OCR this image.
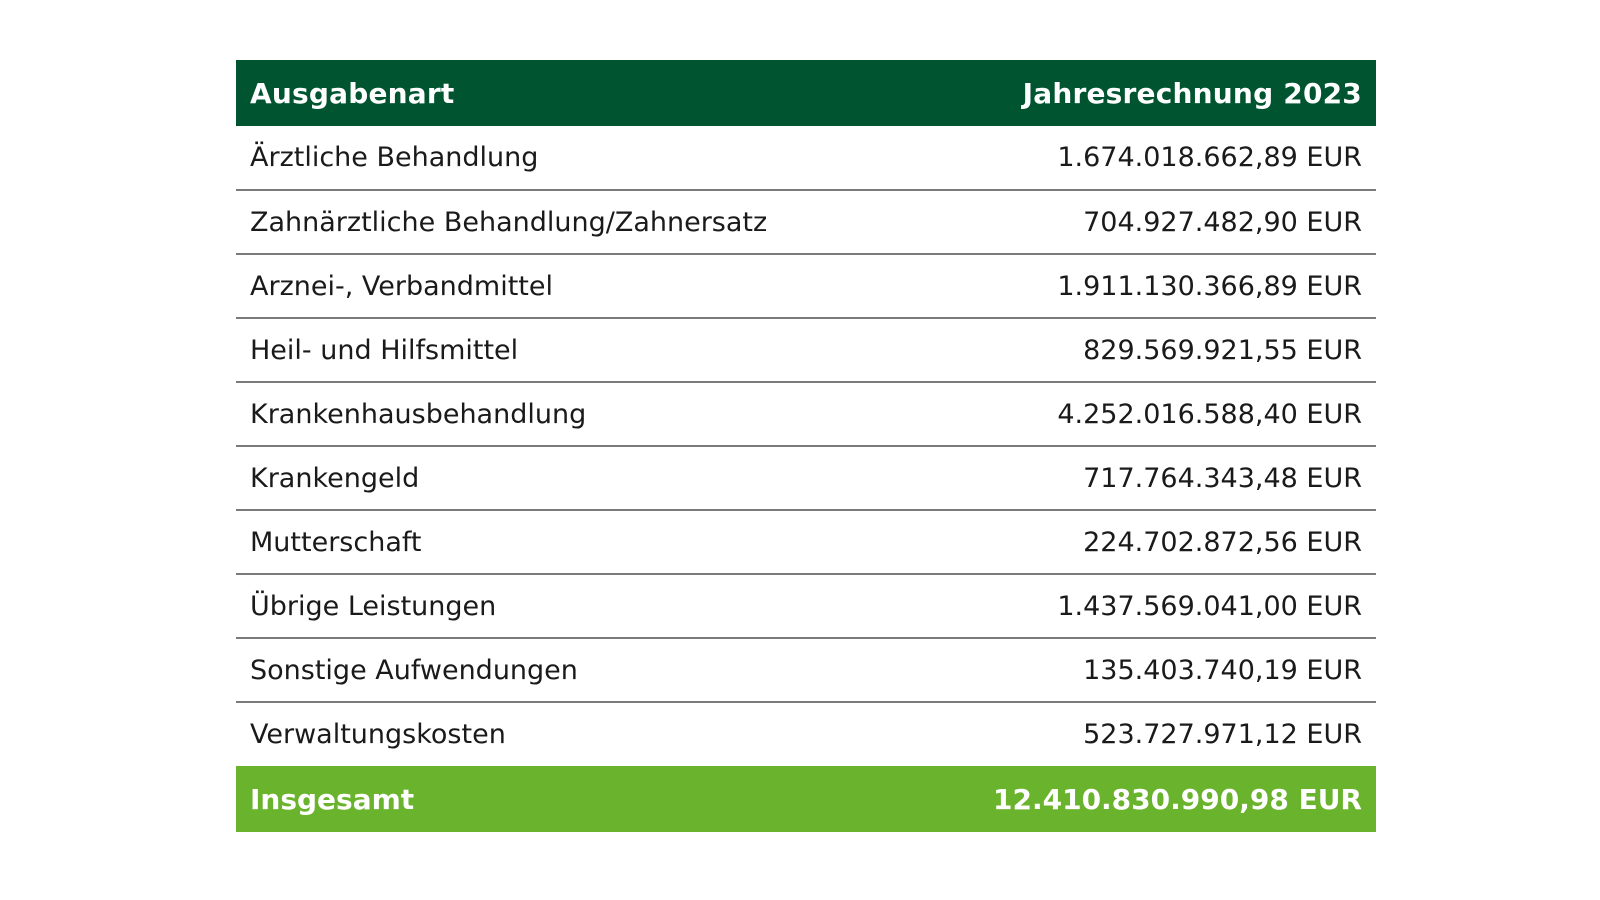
Ausgabenart	Jahresrechnung 2023
Ärztliche Behandlung	1.674.018.662,89 EUR
Zahnärztliche Behandlung/Zahnersatz	704.927.482,90 EUR
Arznei-, Verbandmittel	1.911.130.366,89 EUR
Heil- und Hilfsmittel	829.569.921,55 EUR
Krankenhausbehandlung	4.252.016.588,40 EUR
Krankengeld	717.764.343,48 EUR
Mutterschaft	224.702.872,56 EUR
Übrige Leistungen	1.437.569.041,00 EUR
Sonstige Aufwendungen	135.403.740,19 EUR
Verwaltungskosten	523.727.971,12 EUR
Insgesamt	12.410.830.990,98 EUR
